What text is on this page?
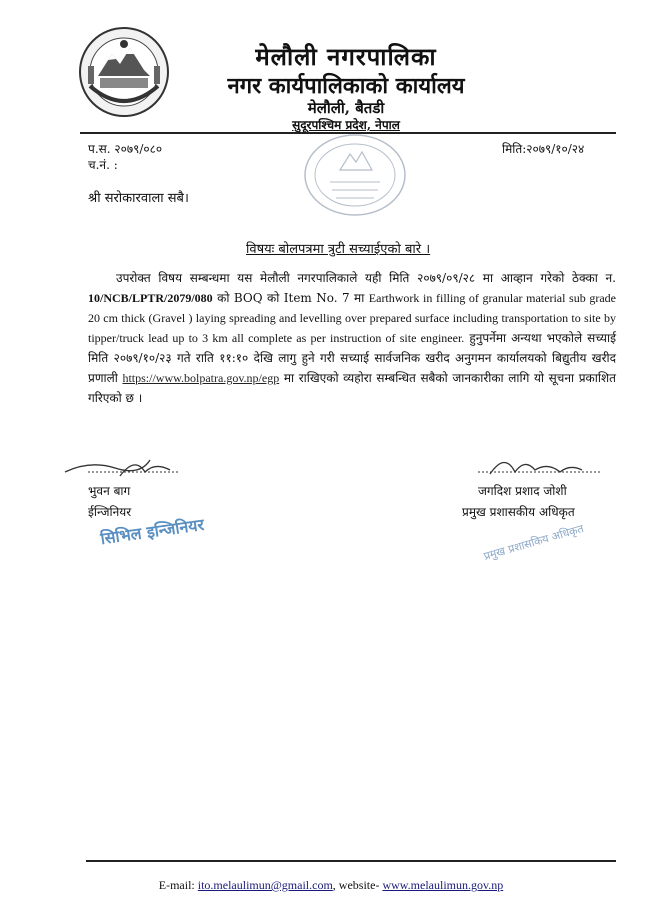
मेलौली नगरपालिका
नगर कार्यपालिकाको कार्यालय
मेलौली, बैतडी
सुदूरपश्चिम प्रदेश, नेपाल
प.स. २०७९/०८०
च.नं. :
मिति:२०७९/१०/२४
श्री सरोकारवाला सबै।
विषयः बोलपत्रमा त्रुटी सच्याईएको बारे ।
उपरोक्त विषय सम्बन्धमा यस मेलौली नगरपालिकाले यही मिति २०७९/०९/२८ मा आव्हान गरेको ठेक्का न. 10/NCB/LPTR/2079/080 को BOQ को Item No. 7 मा Earthwork in filling of granular material sub grade 20 cm thick (Gravel ) laying spreading and levelling over prepared surface including transportation to site by tipper/truck lead up to 3 km all complete as per instruction of site engineer. हुनुपर्नेमा अन्यथा भएकोले सच्याई मिति २०७९/१०/२३ गते राति ११:१० देखि लागु हुने गरी सच्याई सार्वजनिक खरीद अनुगमन कार्यालयको बिद्युतीय खरीद प्रणाली https://www.bolpatra.gov.np/egp मा राखिएको व्यहोरा सम्बन्धित सबैको जानकारीका लागि यो सूचना प्रकाशित गरिएको छ ।
भुवन बाग
ईन्जिनियर
सिभिल इन्जिनियर
जगदिश प्रशाद जोशी
प्रमुख प्रशासकीय अधिकृत
प्रमुख प्रशासकिय अधिकृत
E-mail: ito.melaulimun@gmail.com, website- www.melaulimun.gov.np
